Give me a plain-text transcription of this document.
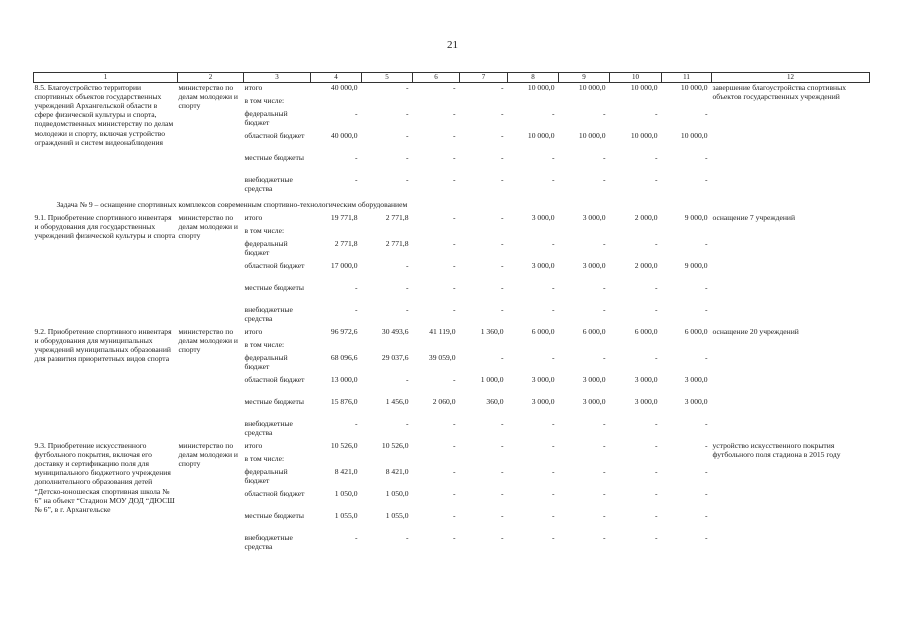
21
1	2	3	4	5	6	7	8	9	10	11	12
8.5. Благоустройство территории спортивных объектов государственных учреждений Архангельской области в сфере физической культуры и спорта, подведомственных министерству по делам молодежи и спорту, включая устройство ограждений и систем видеонаблюдения	министерство по делам молодежи и спорту	итого	40 000,0	-	-	-	10 000,0	10 000,0	10 000,0	10 000,0	завершение благоустройства спортивных объектов государственных учреждений
		в том числе:									
		федеральный бюджет	-	-	-	-	-	-	-	-	
		областной бюджет	40 000,0	-	-	-	10 000,0	10 000,0	10 000,0	10 000,0	
		местные бюджеты	-	-	-	-	-	-	-	-	
		внебюджетные средства	-	-	-	-	-	-	-	-	
Задача № 9 – оснащение спортивных комплексов современным спортивно-технологическим оборудованием											
9.1. Приобретение спортивного инвентаря и оборудования для государственных учреждений физической культуры и спорта	министерство по делам молодежи и спорту	итого	19 771,8	2 771,8	-	-	3 000,0	3 000,0	2 000,0	9 000,0	оснащение 7 учреждений
		в том числе:									
		федеральный бюджет	2 771,8	2 771,8	-	-	-	-	-	-	
		областной бюджет	17 000,0	-	-	-	3 000,0	3 000,0	2 000,0	9 000,0	
		местные бюджеты	-	-	-	-	-	-	-	-	
		внебюджетные средства	-	-	-	-	-	-	-	-	
9.2. Приобретение спортивного инвентаря и оборудования для муниципальных учреждений муниципальных образований для развития приоритетных видов спорта	министерство по делам молодежи и спорту	итого	96 972,6	30 493,6	41 119,0	1 360,0	6 000,0	6 000,0	6 000,0	6 000,0	оснащение 20 учреждений
		в том числе:									
		федеральный бюджет	68 096,6	29 037,6	39 059,0	-	-	-	-	-	
		областной бюджет	13 000,0	-	-	1 000,0	3 000,0	3 000,0	3 000,0	3 000,0	
		местные бюджеты	15 876,0	1 456,0	2 060,0	360,0	3 000,0	3 000,0	3 000,0	3 000,0	
		внебюджетные средства	-	-	-	-	-	-	-	-	
9.3. Приобретение искусственного футбольного покрытия, включая его доставку и сертификацию поля для муниципального бюджетного учреждения дополнительного образования детей “Детско-юношеская спортивная школа № 6” на объект “Стадион МОУ ДОД “ДЮСШ № 6”, в г. Архангельске	министерство по делам молодежи и спорту	итого	10 526,0	10 526,0	-	-	-	-	-	-	устройство искусственного покрытия футбольного поля стадиона в 2015 году
		в том числе:									
		федеральный бюджет	8 421,0	8 421,0	-	-	-	-	-	-	
		областной бюджет	1 050,0	1 050,0	-	-	-	-	-	-	
		местные бюджеты	1 055,0	1 055,0	-	-	-	-	-	-	
		внебюджетные средства	-	-	-	-	-	-	-	-	
